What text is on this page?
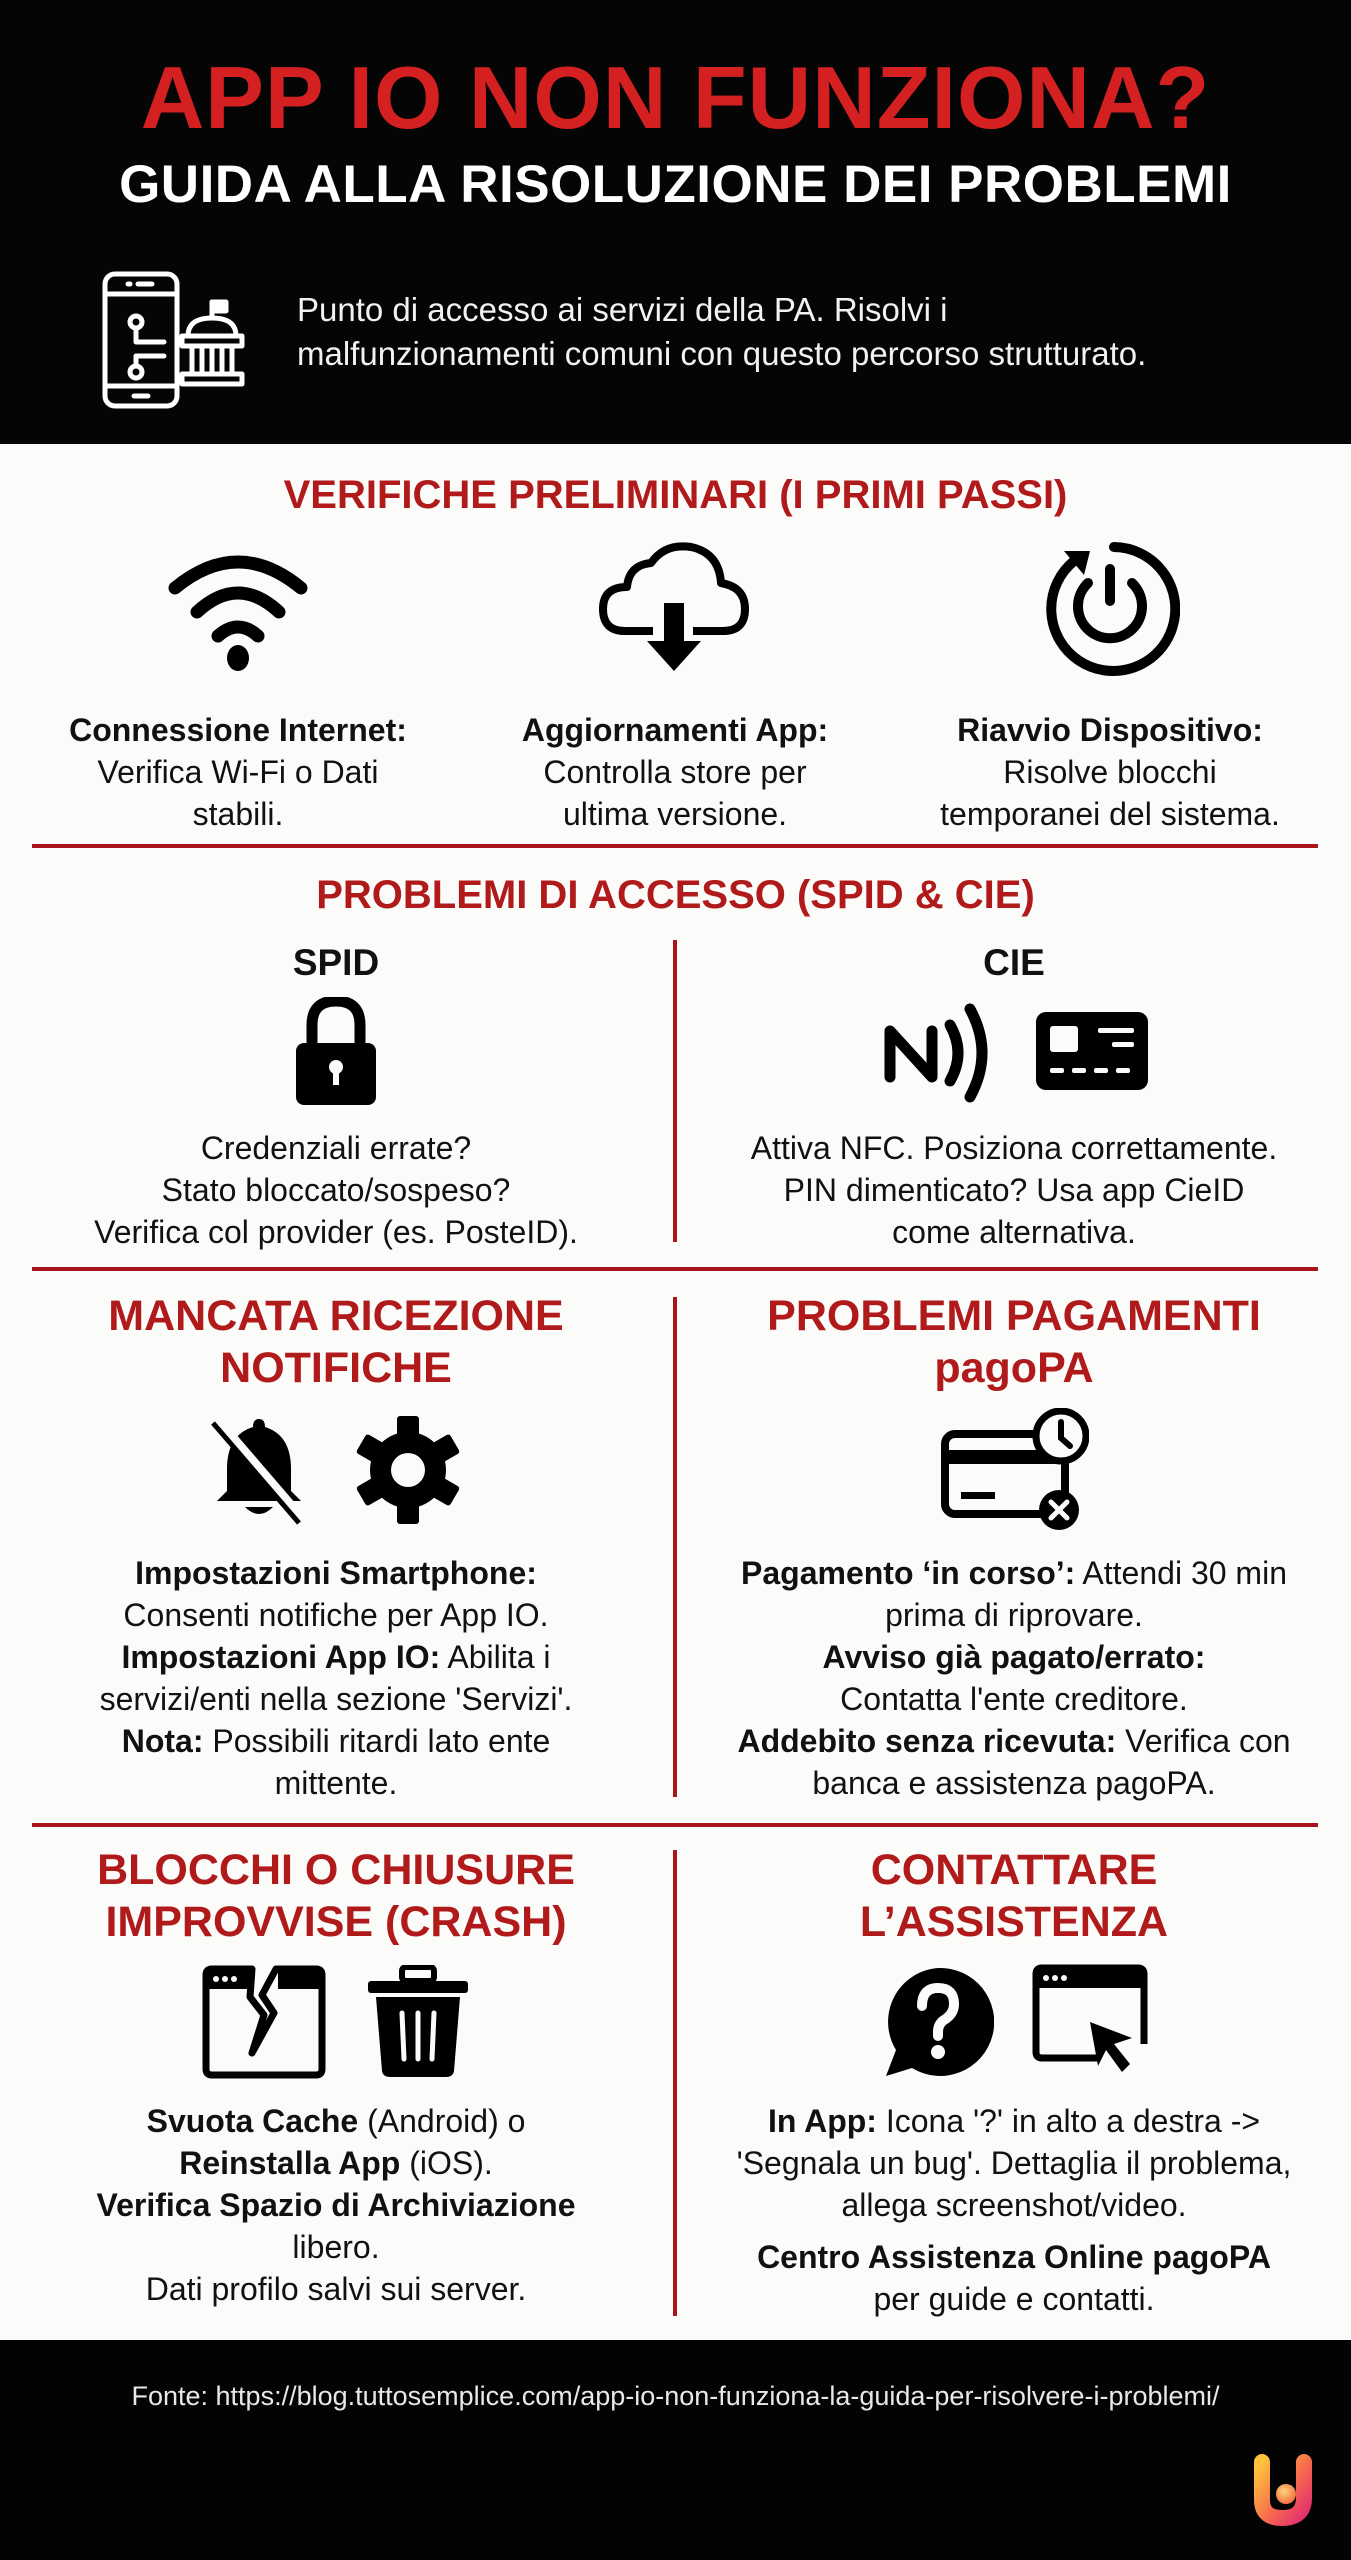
APP IO NON FUNZIONA?
GUIDA ALLA RISOLUZIONE DEI PROBLEMI
Punto di accesso ai servizi della PA. Risolvi i
malfunzionamenti comuni con questo percorso strutturato.
VERIFICHE PRELIMINARI (I PRIMI PASSI)
Connessione Internet:
Verifica Wi-Fi o Dati
stabili.
Aggiornamenti App:
Controlla store per
ultima versione.
Riavvio Dispositivo:
Risolve blocchi
temporanei del sistema.
PROBLEMI DI ACCESSO (SPID & CIE)
SPID
Credenziali errate?
Stato bloccato/sospeso?
Verifica col provider (es. PosteID).
CIE
Attiva NFC. Posiziona correttamente.
PIN dimenticato? Usa app CieID
come alternativa.
MANCATA RICEZIONE
NOTIFICHE
Impostazioni Smartphone:
Consenti notifiche per App IO.
Impostazioni App IO: Abilita i servizi/enti nella sezione 'Servizi'.
Nota: Possibili ritardi lato ente mittente.
PROBLEMI PAGAMENTI
pagoPA
Pagamento ‘in corso’: Attendi 30 min prima di riprovare.
Avviso già pagato/errato:
Contatta l'ente creditore.
Addebito senza ricevuta: Verifica con banca e assistenza pagoPA.
BLOCCHI O CHIUSURE
IMPROVVISE (CRASH)
Svuota Cache (Android) o
Reinstalla App (iOS).
Verifica Spazio di Archiviazione
libero.
Dati profilo salvi sui server.
CONTATTARE
L’ASSISTENZA
In App: Icona '?' in alto a destra -> 'Segnala un bug'. Dettaglia il problema, allega screenshot/video.
Centro Assistenza Online pagoPA
per guide e contatti.
Fonte: https://blog.tuttosemplice.com/app-io-non-funziona-la-guida-per-risolvere-i-problemi/
